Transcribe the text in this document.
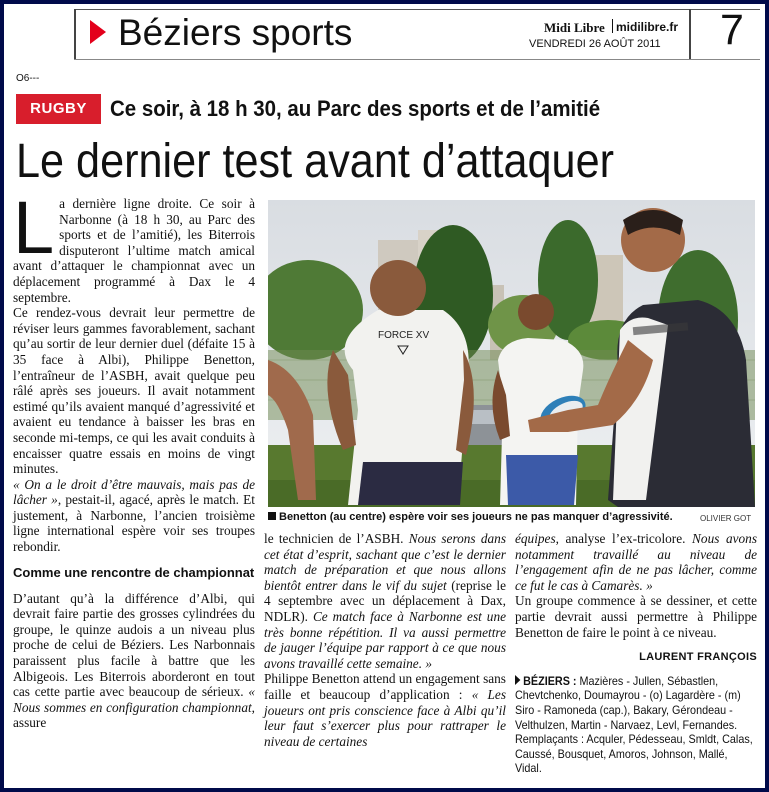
Béziers sports	Midi Libre midilibre.fr
VENDREDI 26 AOÛT 2011 7
O6---
RUGBY	Ce soir, à 18 h 30, au Parc des sports et de l’amitié
Le dernier test avant d’attaquer

La dernière ligne droite. Ce soir à Narbonne (à 18 h 30, au Parc des sports et de l’amitié), les Biterrois disputeront l’ultime match amical avant d’attaquer le championnat avec un déplacement programmé à Dax le 4 septembre.

Ce rendez-vous devrait leur permettre de réviser leurs gammes favorablement, sachant qu’au sortir de leur dernier duel (défaite 15 à 35 face à Albi), Philippe Benetton, l’entraîneur de l’ASBH, avait quelque peu râlé après ses joueurs. Il avait notamment estimé qu’ils avaient manqué d’agressivité et avaient eu tendance à baisser les bras en seconde mi-temps, ce qui les avait conduits à encaisser quatre essais en moins de vingt minutes.

« On a le droit d’être mauvais, mais pas de lâcher », pestait-il, agacé, après le match. Et justement, à Narbonne, l’ancien troisième ligne international espère voir ses troupes rebondir.

Comme une rencontre de championnat

D’autant qu’à la différence d’Albi, qui devrait faire partie des grosses cylindrées du groupe, le quinze audois a un niveau plus proche de celui de Béziers. Les Narbonnais paraissent plus facile à battre que les Albigeois. Les Biterrois aborderont en tout cas cette partie avec beaucoup de sérieux. « Nous sommes en configuration championnat, assure

FORCE XV
Benetton (au centre) espère voir ses joueurs ne pas manquer d’agressivité.	OLIVIER GOT

le technicien de l’ASBH. Nous serons dans cet état d’esprit, sachant que c’est le dernier match de préparation et que nous allons bientôt entrer dans le vif du sujet (reprise le 4 septembre avec un déplacement à Dax, NDLR). Ce match face à Narbonne est une très bonne répétition. Il va aussi permettre de jauger l’équipe par rapport à ce que nous avons travaillé cette semaine. »

Philippe Benetton attend un engagement sans faille et beaucoup d’application : « Les joueurs ont pris conscience face à Albi qu’il leur faut s’exercer plus pour rattraper le niveau de certaines

équipes, analyse l’ex-tricolore. Nous avons notamment travaillé au niveau de l’engagement afin de ne pas lâcher, comme ce fut le cas à Camarès. »

Un groupe commence à se dessiner, et cette partie devrait aussi permettre à Philippe Benetton de faire le point à ce niveau.

LAURENT FRANÇOIS

BÉZIERS : Mazières - Jullen, Sébastlen, Chevtchenko, Doumayrou - (o) Lagardère - (m) Siro - Ramoneda (cap.), Bakary, Gérondeau - Velthulzen, Martin - Narvaez, Levl, Fernandes. Remplaçants : Acquler, Pédesseau, Smldt, Calas, Caussé, Bousquet, Amoros, Johnson, Mallé, Vidal.
